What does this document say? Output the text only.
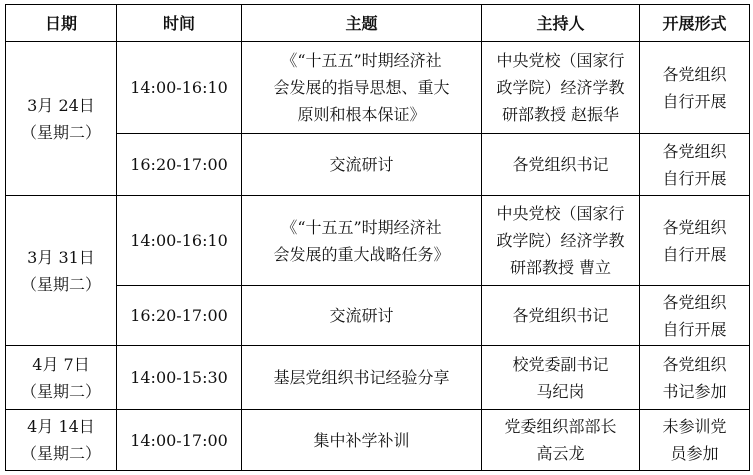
日期	时间	主题	主持人	开展形式
3月 24日
（星期二）	14:00-16:10	《“十五五”时期经济社
会发展的指导思想、重大
原则和根本保证》	中央党校（国家行
政学院）经济学教
研部教授 赵振华	各党组织
自行开展
	16:20-17:00	交流研讨	各党组织书记	各党组织
自行开展
3月 31日
（星期二）	14:00-16:10	《“十五五”时期经济社
会发展的重大战略任务》	中央党校（国家行
政学院）经济学教
研部教授 曹立	各党组织
自行开展
	16:20-17:00	交流研讨	各党组织书记	各党组织
自行开展
4月 7日
（星期二）	14:00-15:30	基层党组织书记经验分享	校党委副书记
马纪岗	各党组织
书记参加
4月 14日
（星期二）	14:00-17:00	集中补学补训	党委组织部部长
高云龙	未参训党
员参加
